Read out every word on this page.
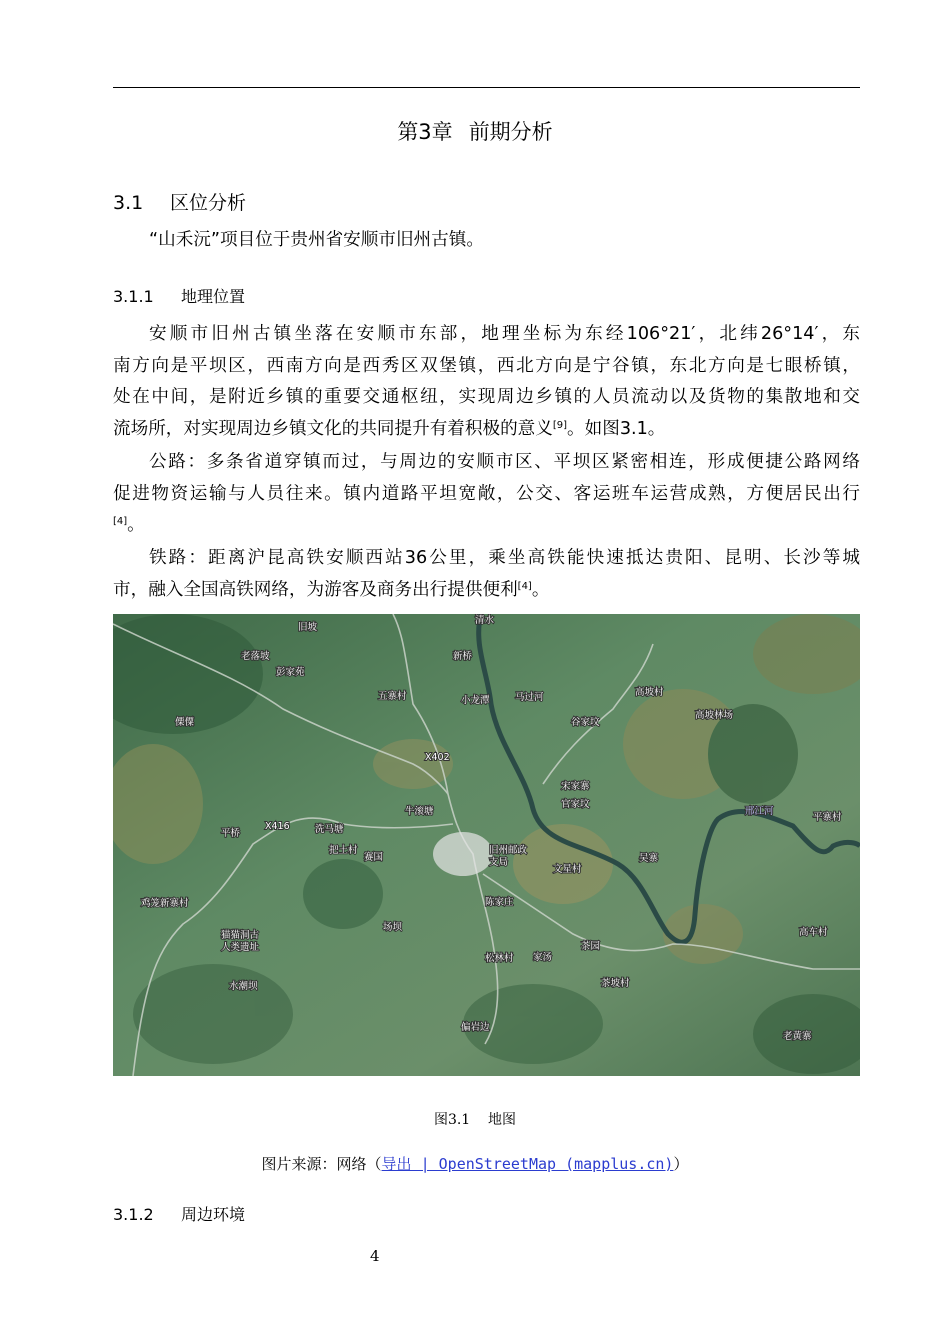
第3章 前期分析
3.1 区位分析
“山禾沅”项目位于贵州省安顺市旧州古镇。
3.1.1 地理位置
安顺市旧州古镇坐落在安顺市东部，地理坐标为东经106°21′，北纬26°14′，东
南方向是平坝区，西南方向是西秀区双堡镇，西北方向是宁谷镇，东北方向是七眼桥镇，
处在中间，是附近乡镇的重要交通枢纽，实现周边乡镇的人员流动以及货物的集散地和交
流场所，对实现周边乡镇文化的共同提升有着积极的意义[9]。如图3.1。
公路：多条省道穿镇而过，与周边的安顺市区、平坝区紧密相连，形成便捷公路网络
促进物资运输与人员往来。镇内道路平坦宽敞，公交、客运班车运营成熟，方便居民出行
[4]。
铁路：距离沪昆高铁安顺西站36公里，乘坐高铁能快速抵达贵阳、昆明、长沙等城
市，融入全国高铁网络，为游客及商务出行提供便利[4]。
旧坡
老落坡
彭家苑
五寨村
新桥
清水
小龙潭
傈僳
X402
牛滚塘
X416	洗马塘
平桥
把土村
赛国
鸡笼新寨村
场坝
猫猫洞古
人类遗址
水潮坝
偏岩边
马过河	高坡村
谷家坟
高坡林场
宋家寨
官家坟
邢江河
平寨村
旧州邮政
支局
文星村
吴寨
陈家庄
高车村
茶园
家汤
松林村
茶坡村
老黄寨
图3.1 地图
图片来源：网络（导出 | OpenStreetMap (mapplus.cn)）
3.1.2 周边环境
4
